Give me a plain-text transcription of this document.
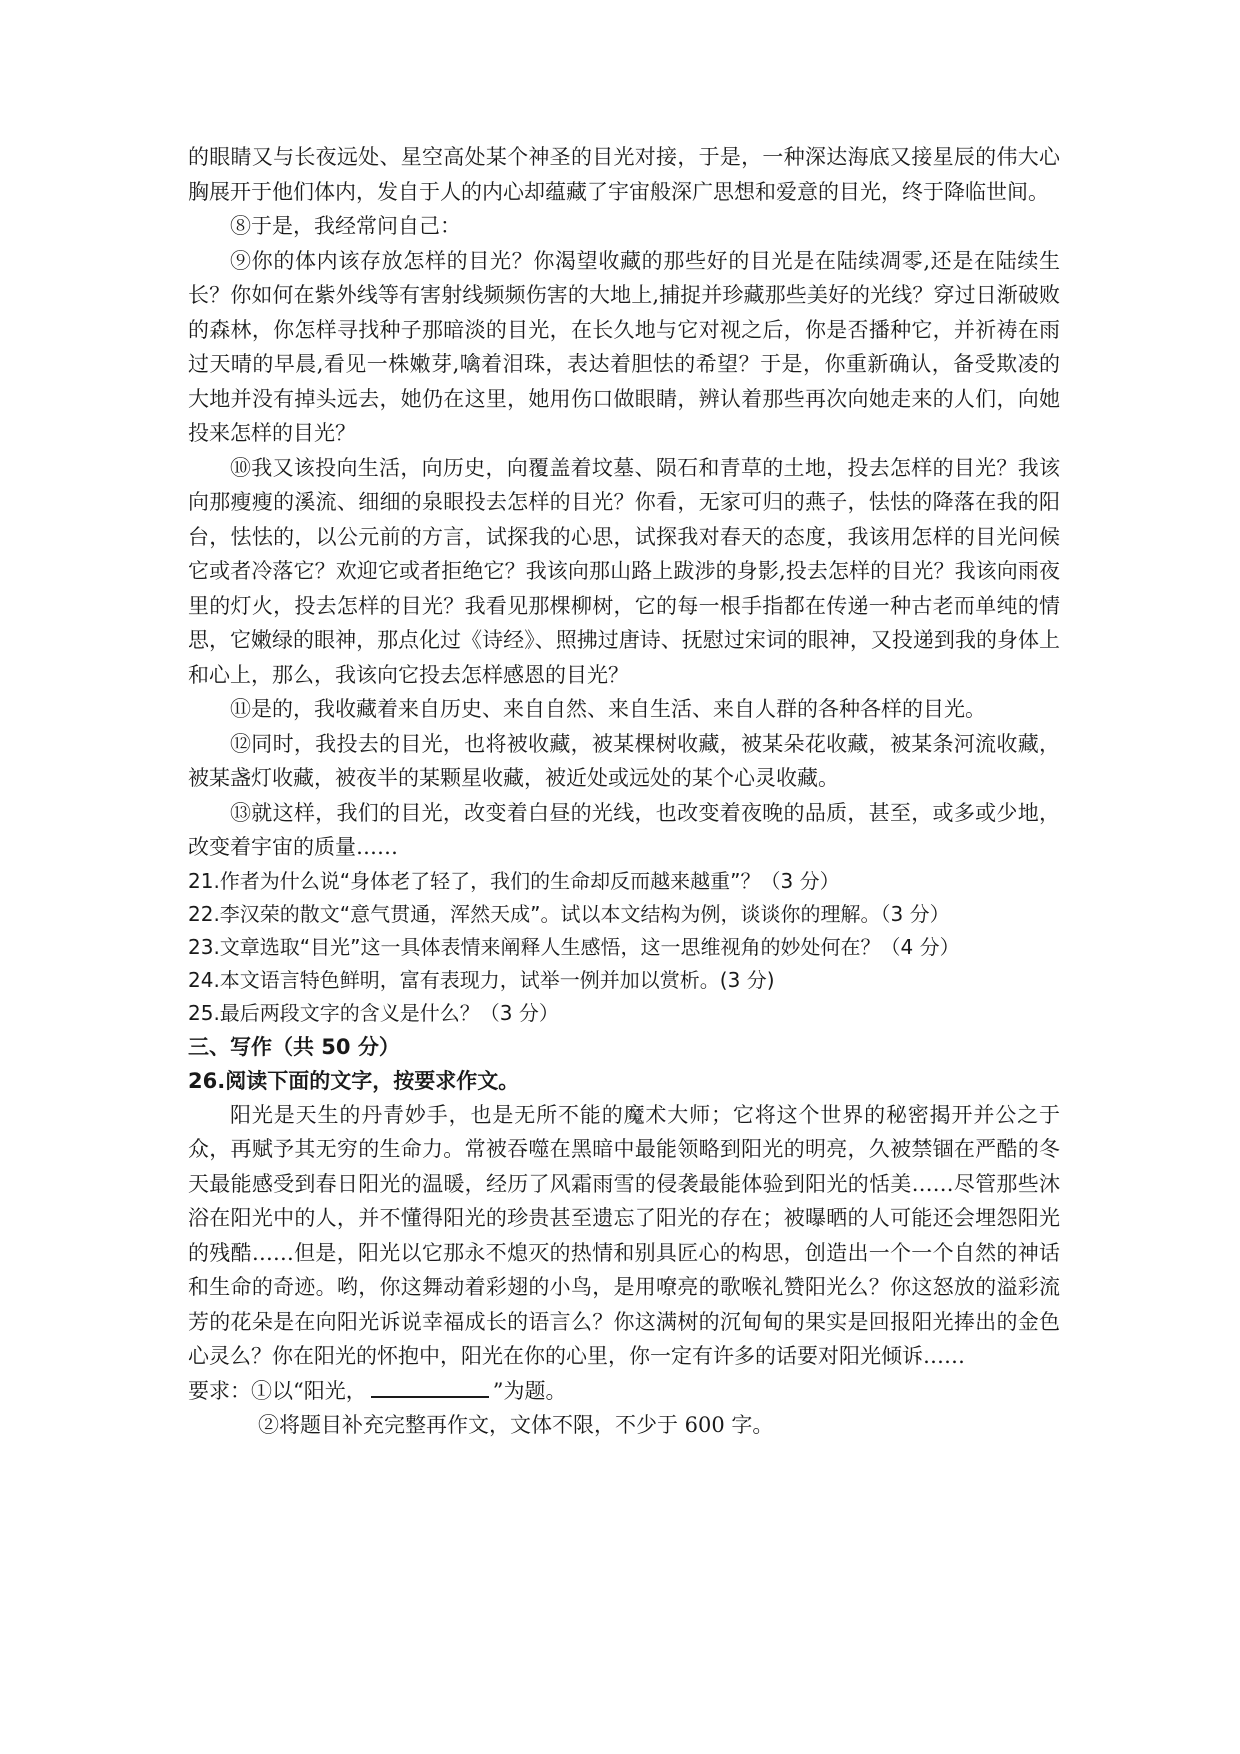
的眼睛又与长夜远处、星空高处某个神圣的目光对接，于是，一种深达海底又接星辰的伟大心胸展开于他们体内，发自于人的内心却蕴藏了宇宙般深广思想和爱意的目光，终于降临世间。

⑧于是，我经常问自己：

⑨你的体内该存放怎样的目光？你渴望收藏的那些好的目光是在陆续凋零,还是在陆续生长？你如何在紫外线等有害射线频频伤害的大地上,捕捉并珍藏那些美好的光线？穿过日渐破败的森林，你怎样寻找种子那暗淡的目光，在长久地与它对视之后，你是否播种它，并祈祷在雨过天晴的早晨,看见一株嫩芽,噙着泪珠，表达着胆怯的希望？于是，你重新确认，备受欺凌的大地并没有掉头远去，她仍在这里，她用伤口做眼睛，辨认着那些再次向她走来的人们，向她投来怎样的目光？

⑩我又该投向生活，向历史，向覆盖着坟墓、陨石和青草的土地，投去怎样的目光？我该向那瘦瘦的溪流、细细的泉眼投去怎样的目光？你看，无家可归的燕子，怯怯的降落在我的阳台，怯怯的，以公元前的方言，试探我的心思，试探我对春天的态度，我该用怎样的目光问候它或者冷落它？欢迎它或者拒绝它？我该向那山路上跋涉的身影,投去怎样的目光？我该向雨夜里的灯火，投去怎样的目光？我看见那棵柳树，它的每一根手指都在传递一种古老而单纯的情思，它嫩绿的眼神，那点化过《诗经》、照拂过唐诗、抚慰过宋词的眼神，又投递到我的身体上和心上，那么，我该向它投去怎样感恩的目光？

⑪是的，我收藏着来自历史、来自自然、来自生活、来自人群的各种各样的目光。

⑫同时，我投去的目光，也将被收藏，被某棵树收藏，被某朵花收藏，被某条河流收藏，被某盏灯收藏，被夜半的某颗星收藏，被近处或远处的某个心灵收藏。

⑬就这样，我们的目光，改变着白昼的光线，也改变着夜晚的品质，甚至，或多或少地，改变着宇宙的质量……

21.作者为什么说“身体老了轻了，我们的生命却反而越来越重”？（3 分）

22.李汉荣的散文“意气贯通，浑然天成”。试以本文结构为例，谈谈你的理解。（3 分）

23.文章选取“目光”这一具体表情来阐释人生感悟，这一思维视角的妙处何在？（4 分）

24.本文语言特色鲜明，富有表现力，试举一例并加以赏析。(3 分)

25.最后两段文字的含义是什么？（3 分）

三、写作（共 50 分）

26.阅读下面的文字，按要求作文。

阳光是天生的丹青妙手，也是无所不能的魔术大师；它将这个世界的秘密揭开并公之于众，再赋予其无穷的生命力。常被吞噬在黑暗中最能领略到阳光的明亮，久被禁锢在严酷的冬天最能感受到春日阳光的温暖，经历了风霜雨雪的侵袭最能体验到阳光的恬美……尽管那些沐浴在阳光中的人，并不懂得阳光的珍贵甚至遗忘了阳光的存在；被曝晒的人可能还会埋怨阳光的残酷……但是，阳光以它那永不熄灭的热情和别具匠心的构思，创造出一个一个自然的神话和生命的奇迹。哟，你这舞动着彩翅的小鸟，是用嘹亮的歌喉礼赞阳光么？你这怒放的溢彩流芳的花朵是在向阳光诉说幸福成长的语言么？你这满树的沉甸甸的果实是回报阳光捧出的金色心灵么？你在阳光的怀抱中，阳光在你的心里，你一定有许多的话要对阳光倾诉……

要求：①以“阳光，	”为题。

②将题目补充完整再作文，文体不限，不少于 600 字。
